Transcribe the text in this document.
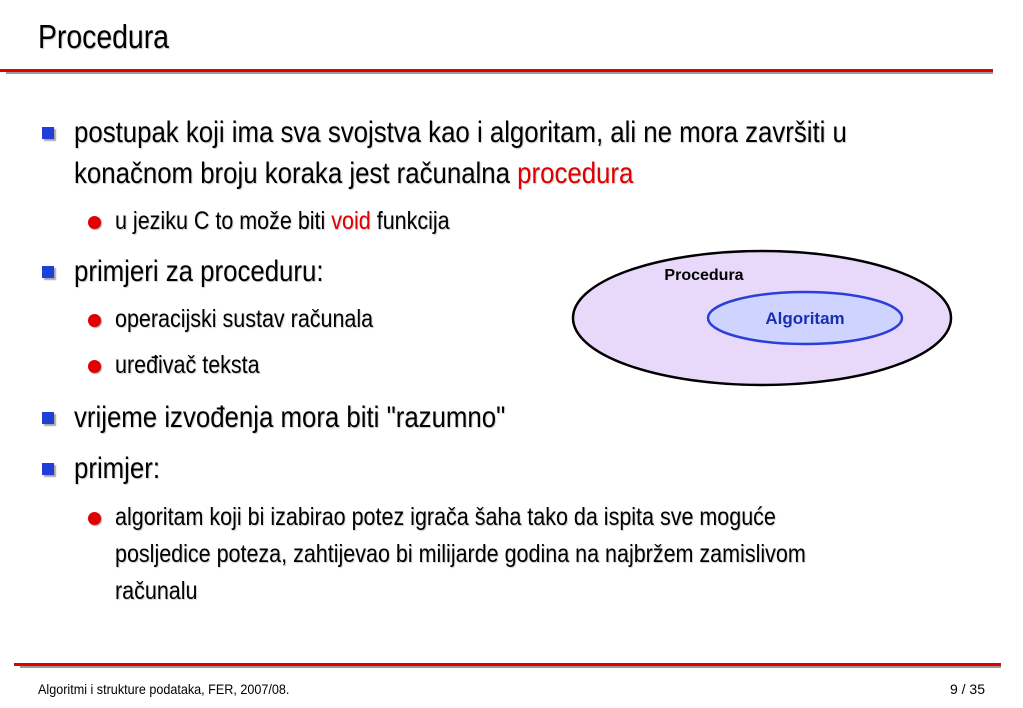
Procedura
postupak koji ima sva svojstva kao i algoritam, ali ne mora završiti u
konačnom broju koraka jest računalna procedura
u jeziku C to može biti void funkcija
primjeri za proceduru:
operacijski sustav računala
uređivač teksta
vrijeme izvođenja mora biti "razumno"
primjer:
algoritam koji bi izabirao potez igrača šaha tako da ispita sve moguće
posljedice poteza, zahtijevao bi milijarde godina na najbržem zamislivom
računalu
Procedura
Algoritam
Algoritmi i strukture podataka, FER, 2007/08.	9 / 35
